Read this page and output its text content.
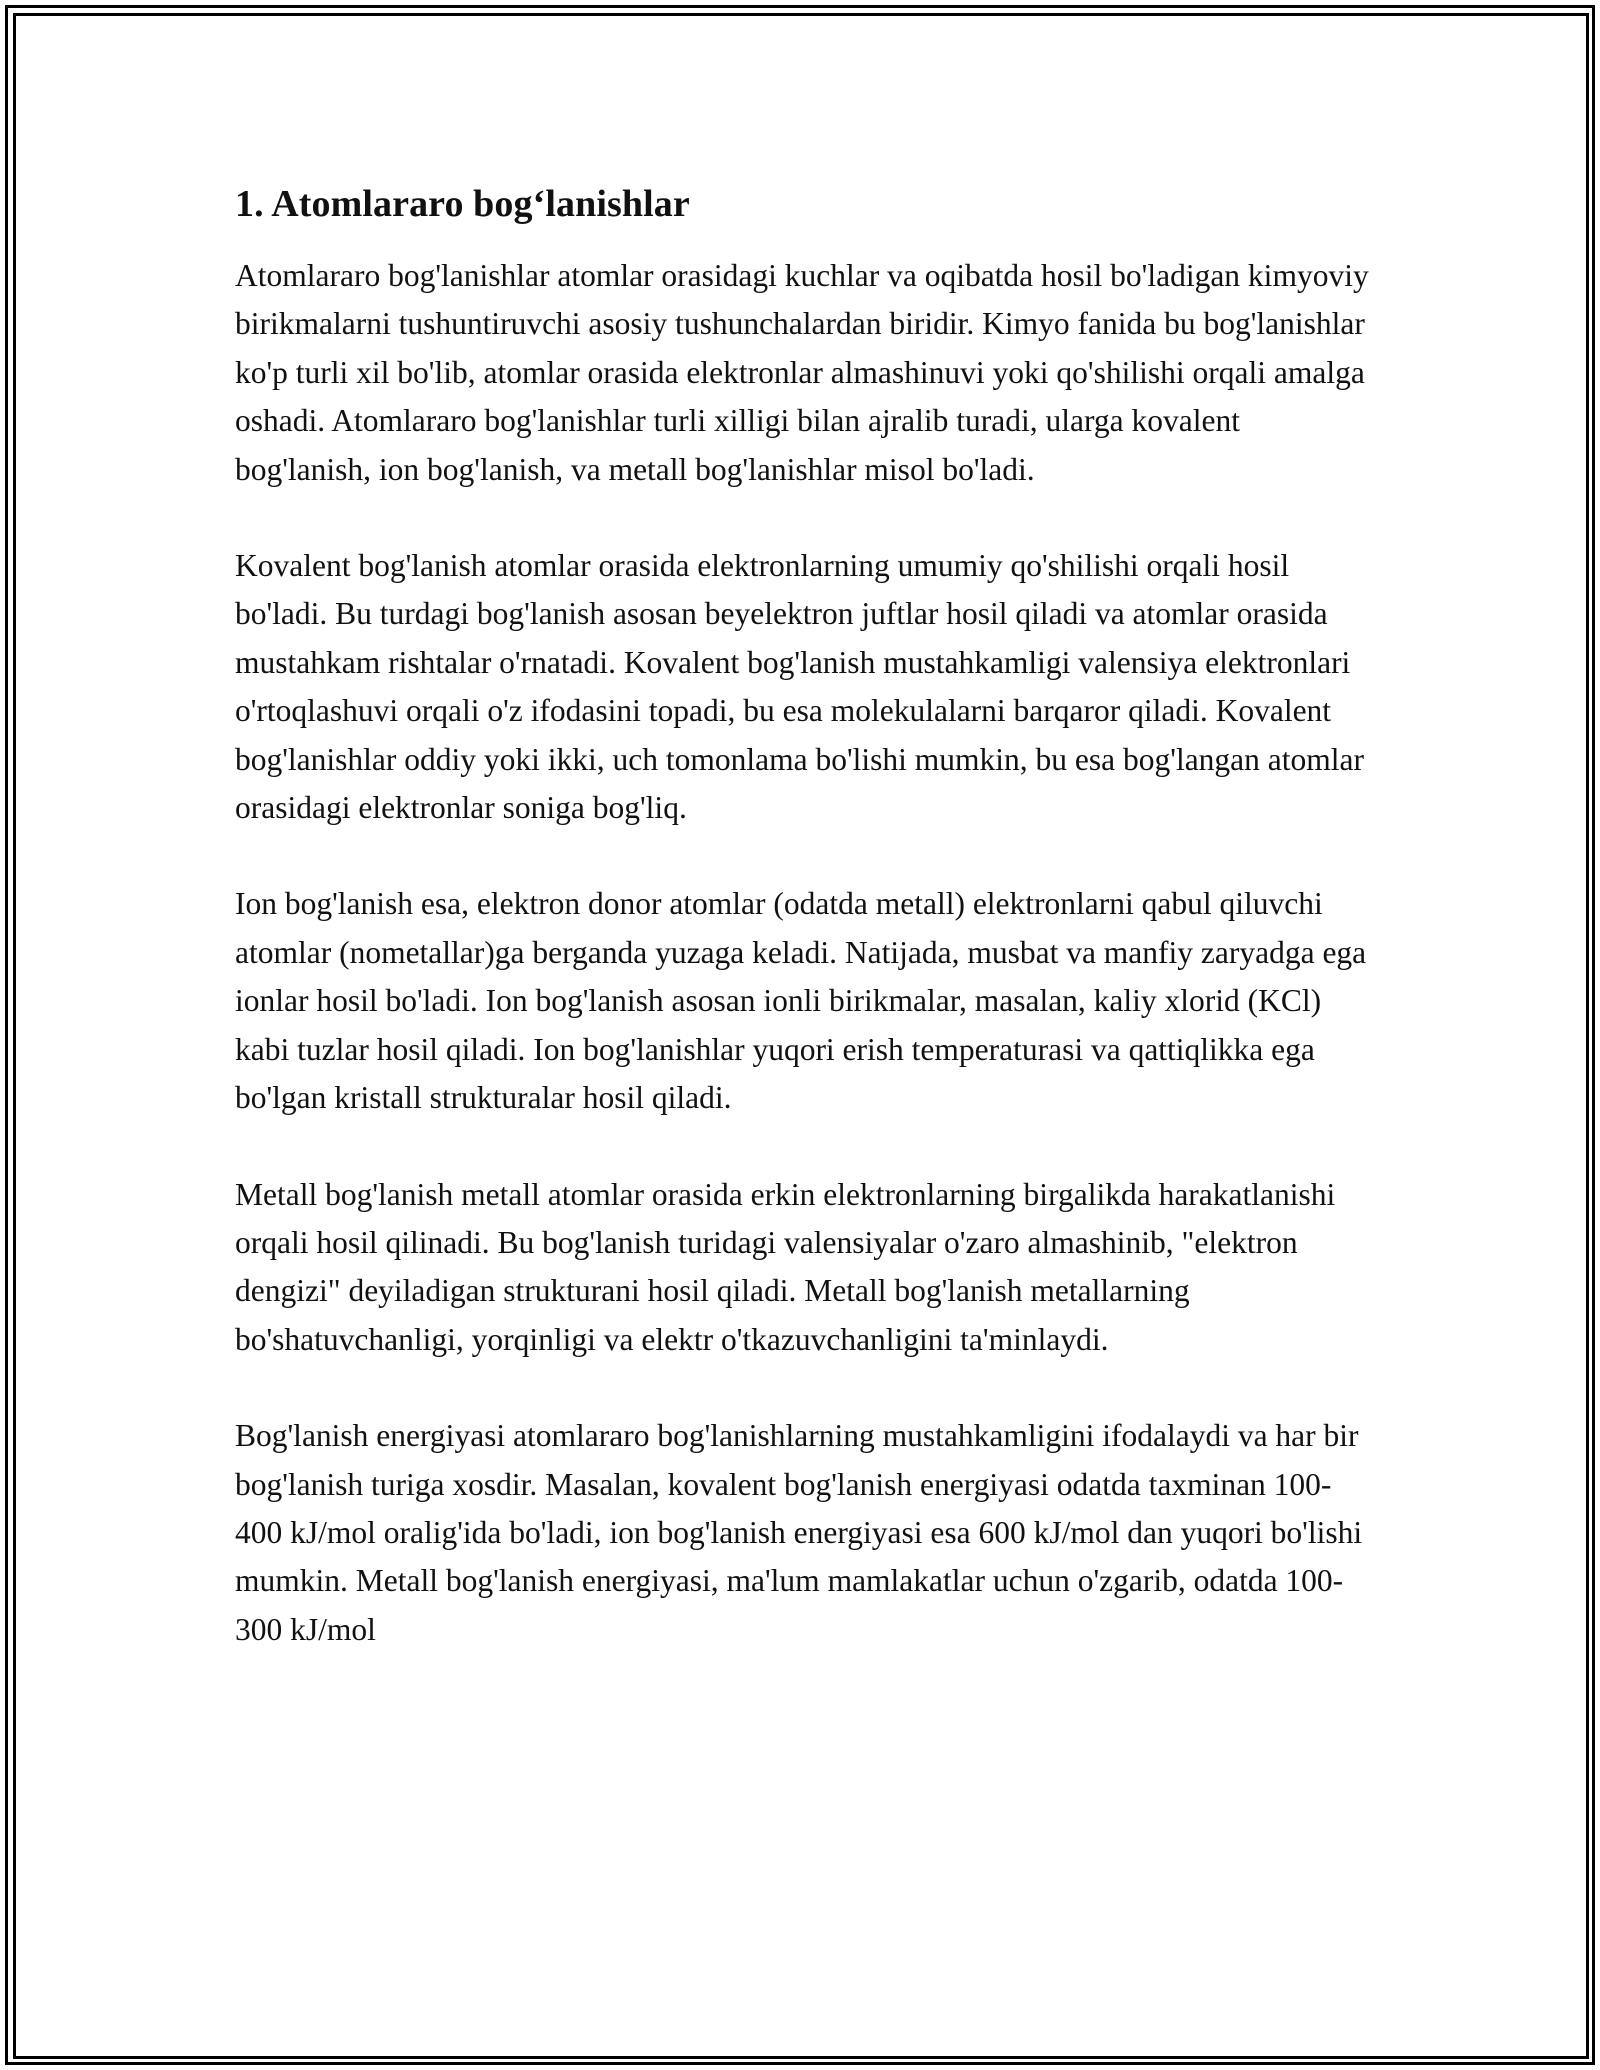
1. Atomlararo bog‘lanishlar

Atomlararo bog'lanishlar atomlar orasidagi kuchlar va oqibatda hosil bo'ladigan kimyoviy birikmalarni tushuntiruvchi asosiy tushunchalardan biridir. Kimyo fanida bu bog'lanishlar ko'p turli xil bo'lib, atomlar orasida elektronlar almashinuvi yoki qo'shilishi orqali amalga oshadi. Atomlararo bog'lanishlar turli xilligi bilan ajralib turadi, ularga kovalent bog'lanish, ion bog'lanish, va metall bog'lanishlar misol bo'ladi.

Kovalent bog'lanish atomlar orasida elektronlarning umumiy qo'shilishi orqali hosil bo'ladi. Bu turdagi bog'lanish asosan beyelektron juftlar hosil qiladi va atomlar orasida mustahkam rishtalar o'rnatadi. Kovalent bog'lanish mustahkamligi valensiya elektronlari o'rtoqlashuvi orqali o'z ifodasini topadi, bu esa molekulalarni barqaror qiladi. Kovalent bog'lanishlar oddiy yoki ikki, uch tomonlama bo'lishi mumkin, bu esa bog'langan atomlar orasidagi elektronlar soniga bog'liq.

Ion bog'lanish esa, elektron donor atomlar (odatda metall) elektronlarni qabul qiluvchi atomlar (nometallar)ga berganda yuzaga keladi. Natijada, musbat va manfiy zaryadga ega ionlar hosil bo'ladi. Ion bog'lanish asosan ionli birikmalar, masalan, kaliy xlorid (KCl) kabi tuzlar hosil qiladi. Ion bog'lanishlar yuqori erish temperaturasi va qattiqlikka ega bo'lgan kristall strukturalar hosil qiladi.

Metall bog'lanish metall atomlar orasida erkin elektronlarning birgalikda harakatlanishi orqali hosil qilinadi. Bu bog'lanish turidagi valensiyalar o'zaro almashinib, "elektron dengizi" deyiladigan strukturani hosil qiladi. Metall bog'lanish metallarning bo'shatuvchanligi, yorqinligi va elektr o'tkazuvchanligini ta'minlaydi.

Bog'lanish energiyasi atomlararo bog'lanishlarning mustahkamligini ifodalaydi va har bir bog'lanish turiga xosdir. Masalan, kovalent bog'lanish energiyasi odatda taxminan 100-400 kJ/mol oralig'ida bo'ladi, ion bog'lanish energiyasi esa 600 kJ/mol dan yuqori bo'lishi mumkin. Metall bog'lanish energiyasi, ma'lum mamlakatlar uchun o'zgarib, odatda 100-300 kJ/mol
